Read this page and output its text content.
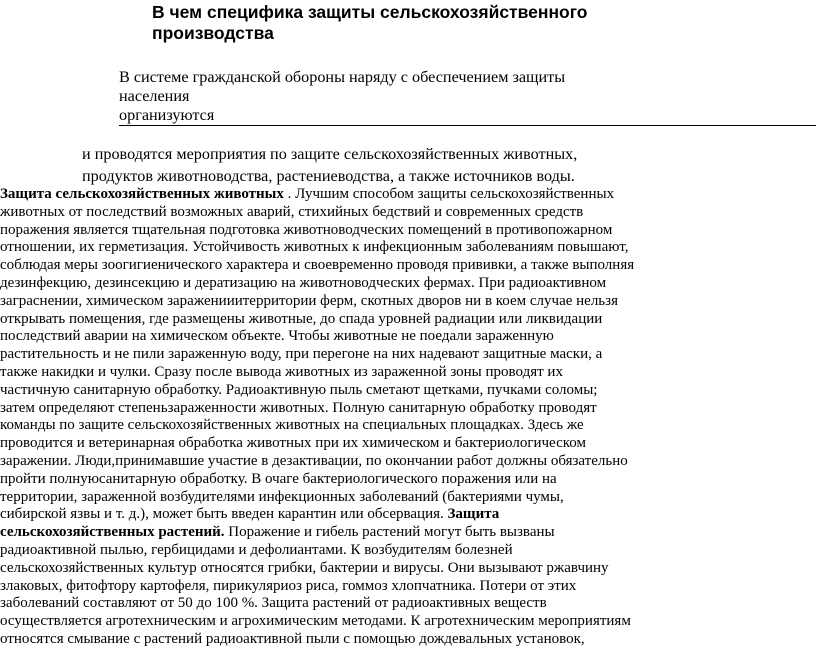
В чем специфика защиты сельскохозяйственного
производства
В системе гражданской обороны наряду с обеспечением защиты
населения
организуются
и проводятся мероприятия по защите сельскохозяйственных животных,
продуктов животноводства, растениеводства, а также источников воды.
Защита сельскохозяйственных животных . Лучшим способом защиты сельскохозяйственных
животных от последствий возможных аварий, стихийных бедствий и современных средств
поражения является тщательная подготовка животноводческих помещений в противопожарном
отношении, их герметизация. Устойчивость животных к инфекционным заболеваниям повышают,
соблюдая меры зоогигиенического характера и своевременно проводя прививки, а также выполняя
дезинфекцию, дезинсекцию и дератизацию на животноводческих фермах. При радиоактивном
заграснении, химическом зараженииитерритории ферм, скотных дворов ни в коем случае нельзя
открывать помещения, где размещены животные, до спада уровней радиации или ликвидации
последствий аварии на химическом объекте. Чтобы животные не поедали зараженную
растительность и не пили зараженную воду, при перегоне на них надевают защитные маски, а
также накидки и чулки. Сразу после вывода животных из зараженной зоны проводят их
частичную санитарную обработку. Радиоактивную пыль сметают щетками, пучками соломы;
затем определяют степеньзараженности животных. Полную санитарную обработку проводят
команды по защите сельскохозяйственных животных на специальных площадках. Здесь же
проводится и ветеринарная обработка животных при их химическом и бактериологическом
заражении. Люди,принимавшие участие в дезактивации, по окончании работ должны обязательно
пройти полнуюсанитарную обработку. В очаге бактериологического поражения или на
территории, зараженной возбудителями инфекционных заболеваний (бактериями чумы,
сибирской язвы и т. д.), может быть введен карантин или обсервация. Защита
сельскохозяйственных растений. Поражение и гибель растений могут быть вызваны
радиоактивной пылью, гербицидами и дефолиантами. К возбудителям болезней
сельскохозяйственных культур относятся грибки, бактерии и вирусы. Они вызывают ржавчину
злаковых, фитофтору картофеля, пирикуляриоз риса, гоммоз хлопчатника. Потери от этих
заболеваний составляют от 50 до 100 %. Защита растений от радиоактивных веществ
осуществляется агротехническим и агрохимическим методами. К агротехническим мероприятиям
относятся смывание с растений радиоактивной пыли с помощью дождевальных установок,
